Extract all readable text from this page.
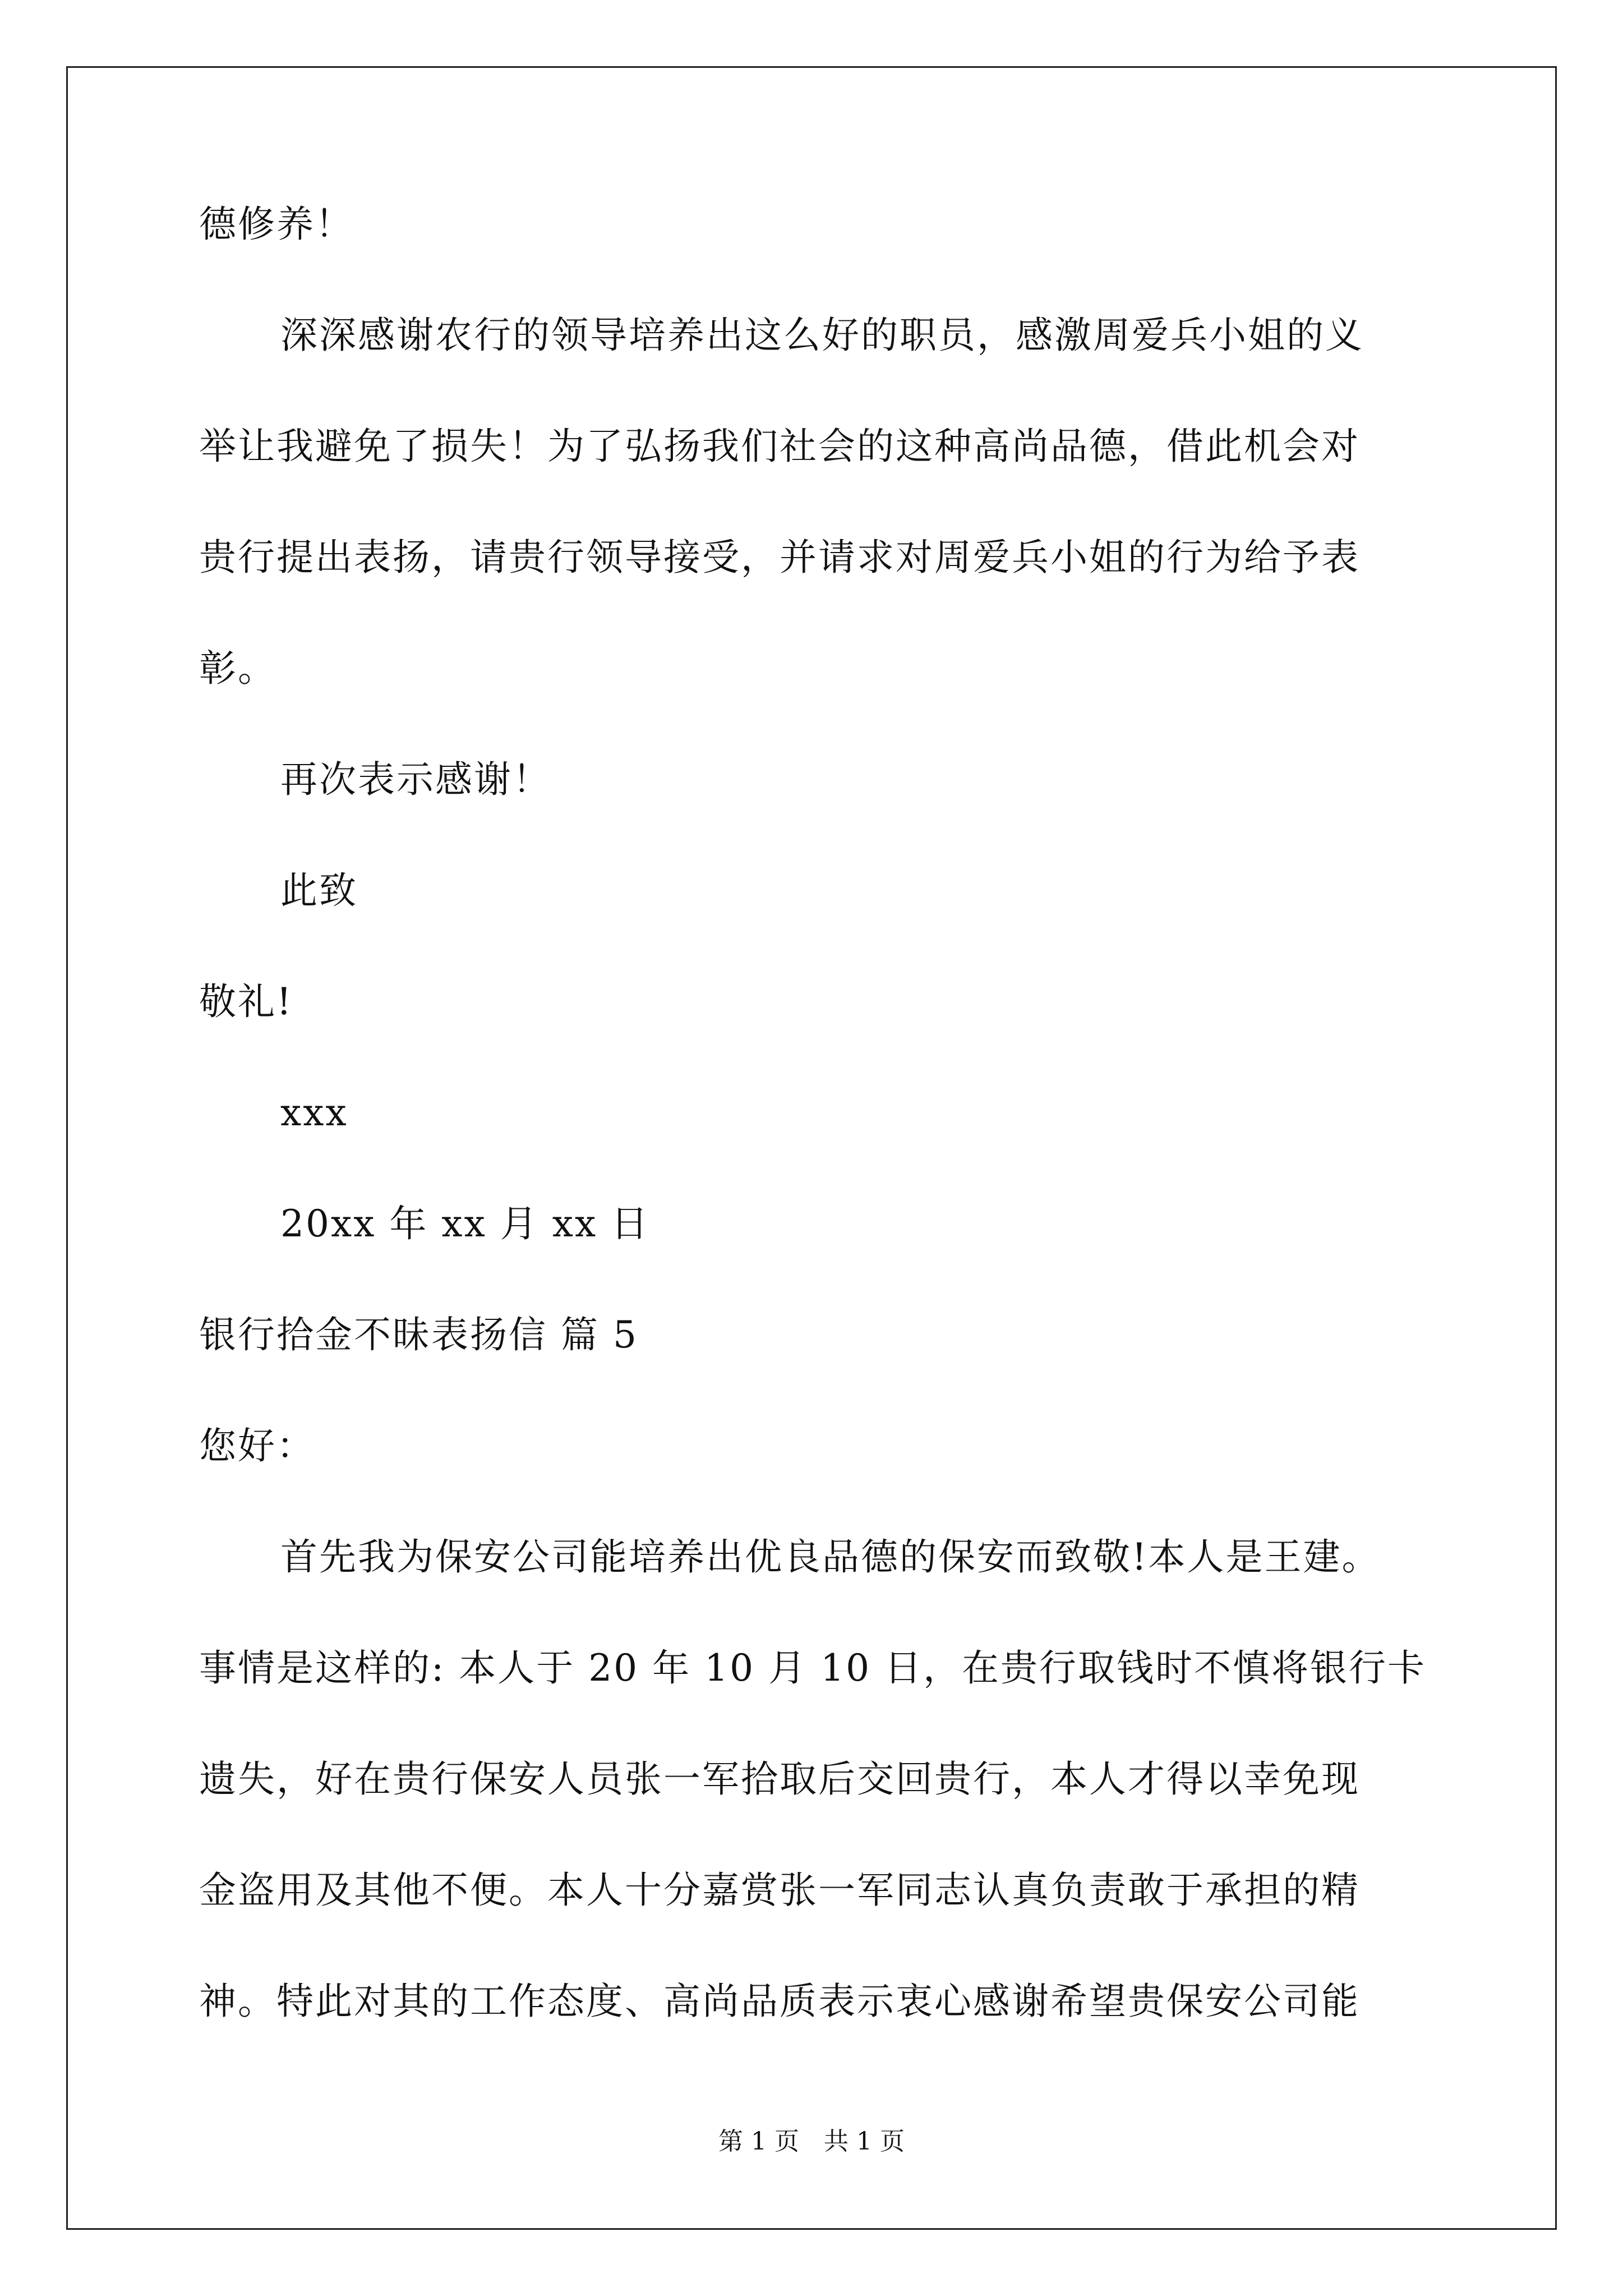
德修养！
深深感谢农行的领导培养出这么好的职员，感激周爱兵小姐的义
举让我避免了损失！为了弘扬我们社会的这种高尚品德，借此机会对
贵行提出表扬，请贵行领导接受，并请求对周爱兵小姐的行为给予表
彰。
再次表示感谢！
此致
敬礼!
xxx
20xx 年 xx 月 xx 日
银行拾金不昧表扬信 篇 5
您好：
首先我为保安公司能培养出优良品德的保安而致敬!本人是王建。
事情是这样的: 本人于 20 年 10 月 10 日，在贵行取钱时不慎将银行卡
遗失，好在贵行保安人员张一军拾取后交回贵行，本人才得以幸免现
金盗用及其他不便。本人十分嘉赏张一军同志认真负责敢于承担的精
神。特此对其的工作态度、高尚品质表示衷心感谢希望贵保安公司能
第 1 页　共 1 页
